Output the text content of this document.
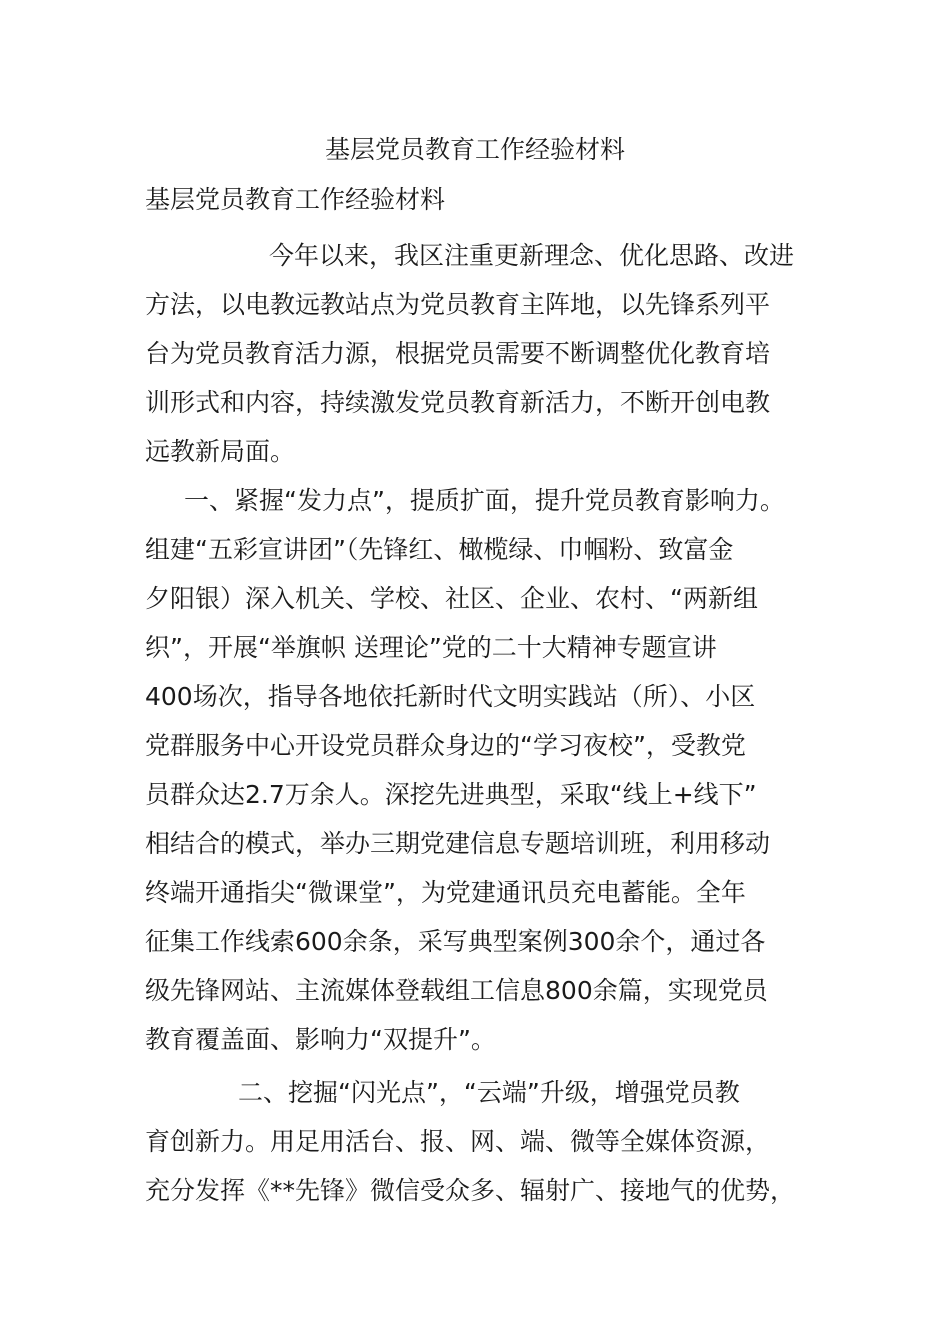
基层党员教育工作经验材料
基层党员教育工作经验材料

今年以来，我区注重更新理念、优化思路、改进
方法，以电教远教站点为党员教育主阵地，以先锋系列平
台为党员教育活力源，根据党员需要不断调整优化教育培
训形式和内容，持续激发党员教育新活力，不断开创电教
远教新局面。

一、紧握“发力点”，提质扩面，提升党员教育影响力。
组建“五彩宣讲团”（先锋红、橄榄绿、巾帼粉、致富金
夕阳银）深入机关、学校、社区、企业、农村、“两新组
织”，开展“举旗帜 送理论”党的二十大精神专题宣讲
400场次，指导各地依托新时代文明实践站（所）、小区
党群服务中心开设党员群众身边的“学习夜校”，受教党
员群众达2.7万余人。深挖先进典型，采取“线上+线下”
相结合的模式，举办三期党建信息专题培训班，利用移动
终端开通指尖“微课堂”，为党建通讯员充电蓄能。全年
征集工作线索600余条，采写典型案例300余个，通过各
级先锋网站、主流媒体登载组工信息800余篇，实现党员
教育覆盖面、影响力“双提升”。

二、挖掘“闪光点”，“云端”升级，增强党员教
育创新力。用足用活台、报、网、端、微等全媒体资源，
充分发挥《**先锋》微信受众多、辐射广、接地气的优势，
